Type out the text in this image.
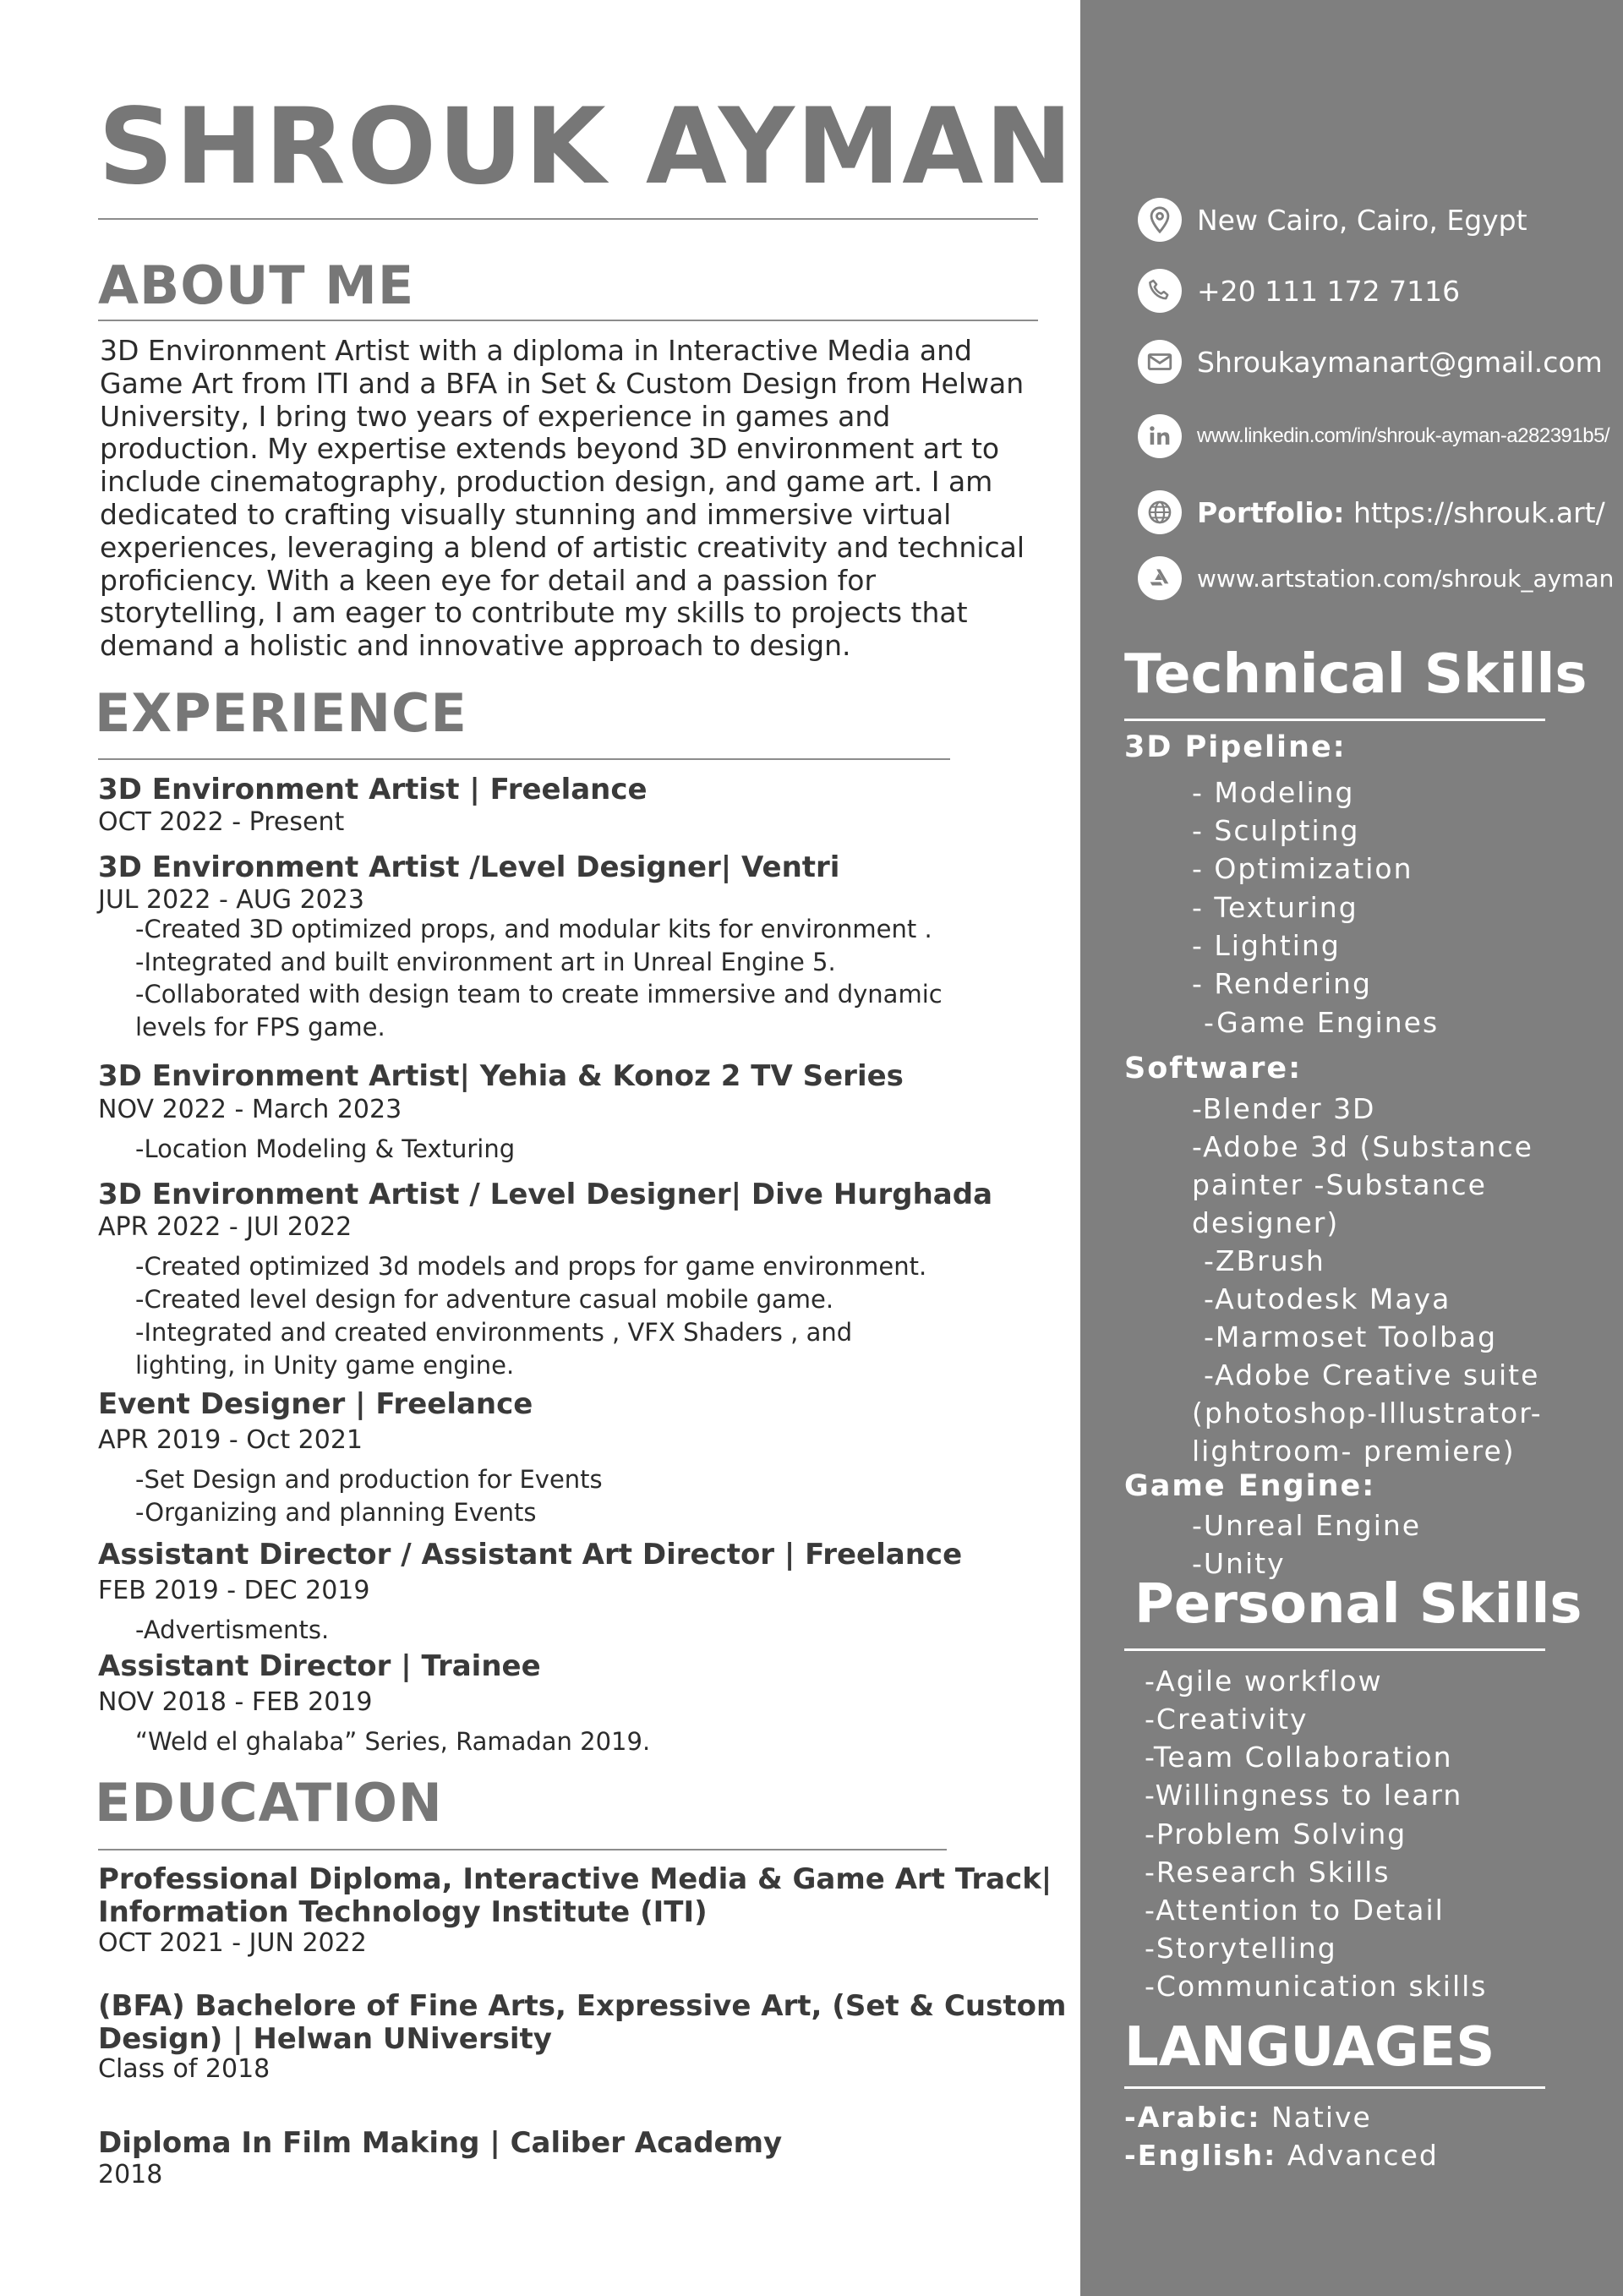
SHROUK AYMAN
ABOUT ME
3D Environment Artist with a diploma in Interactive Media and
Game Art from ITI and a BFA in Set & Custom Design from Helwan
University, I bring two years of experience in games and
production. My expertise extends beyond 3D environment art to
include cinematography, production design, and game art. I am
dedicated to crafting visually stunning and immersive virtual
experiences, leveraging a blend of artistic creativity and technical
proficiency. With a keen eye for detail and a passion for
storytelling, I am eager to contribute my skills to projects that
demand a holistic and innovative approach to design.
EXPERIENCE
3D Environment Artist | Freelance
OCT 2022 - Present
3D Environment Artist /Level Designer| Ventri
JUL 2022 - AUG 2023
-Created 3D optimized props, and modular kits for environment .
-Integrated and built environment art in Unreal Engine 5.
-Collaborated with design team to create immersive and dynamic
levels for FPS game.
3D Environment Artist| Yehia & Konoz 2 TV Series
NOV 2022 - March 2023
-Location Modeling & Texturing
3D Environment Artist / Level Designer| Dive Hurghada
APR 2022 - JUl 2022
-Created optimized 3d models and props for game environment.
-Created level design for adventure casual mobile game.
-Integrated and created environments , VFX Shaders , and
lighting, in Unity game engine.
Event Designer | Freelance
APR 2019 - Oct 2021
-Set Design and production for Events
-Organizing and planning Events
Assistant Director / Assistant Art Director | Freelance
FEB 2019 - DEC 2019
-Advertisments.
Assistant Director | Trainee
NOV 2018 - FEB 2019
“Weld el ghalaba” Series, Ramadan 2019.
EDUCATION
Professional Diploma, Interactive Media & Game Art Track|
Information Technology Institute (ITI)
OCT 2021 - JUN 2022
(BFA) Bachelore of Fine Arts, Expressive Art, (Set & Custom
Design) | Helwan UNiversity
Class of 2018
Diploma In Film Making | Caliber Academy
2018
New Cairo, Cairo, Egypt
+20 111 172 7116
Shroukaymanart@gmail.com
www.linkedin.com/in/shrouk-ayman-a282391b5/
Portfolio: https://shrouk.art/
www.artstation.com/shrouk_ayman
Technical Skills
3D Pipeline:
- Modeling
- Sculpting
- Optimization
- Texturing
- Lighting
- Rendering
-Game Engines
Software:
-Blender 3D
-Adobe 3d (Substance
painter -Substance
designer)
-ZBrush
-Autodesk Maya
-Marmoset Toolbag
-Adobe Creative suite
(photoshop-Illustrator-
lightroom- premiere)
Game Engine:
-Unreal Engine
-Unity
Personal Skills
-Agile workflow
-Creativity
-Team Collaboration
-Willingness to learn
-Problem Solving
-Research Skills
-Attention to Detail
-Storytelling
-Communication skills
LANGUAGES
-Arabic: Native
-English: Advanced
